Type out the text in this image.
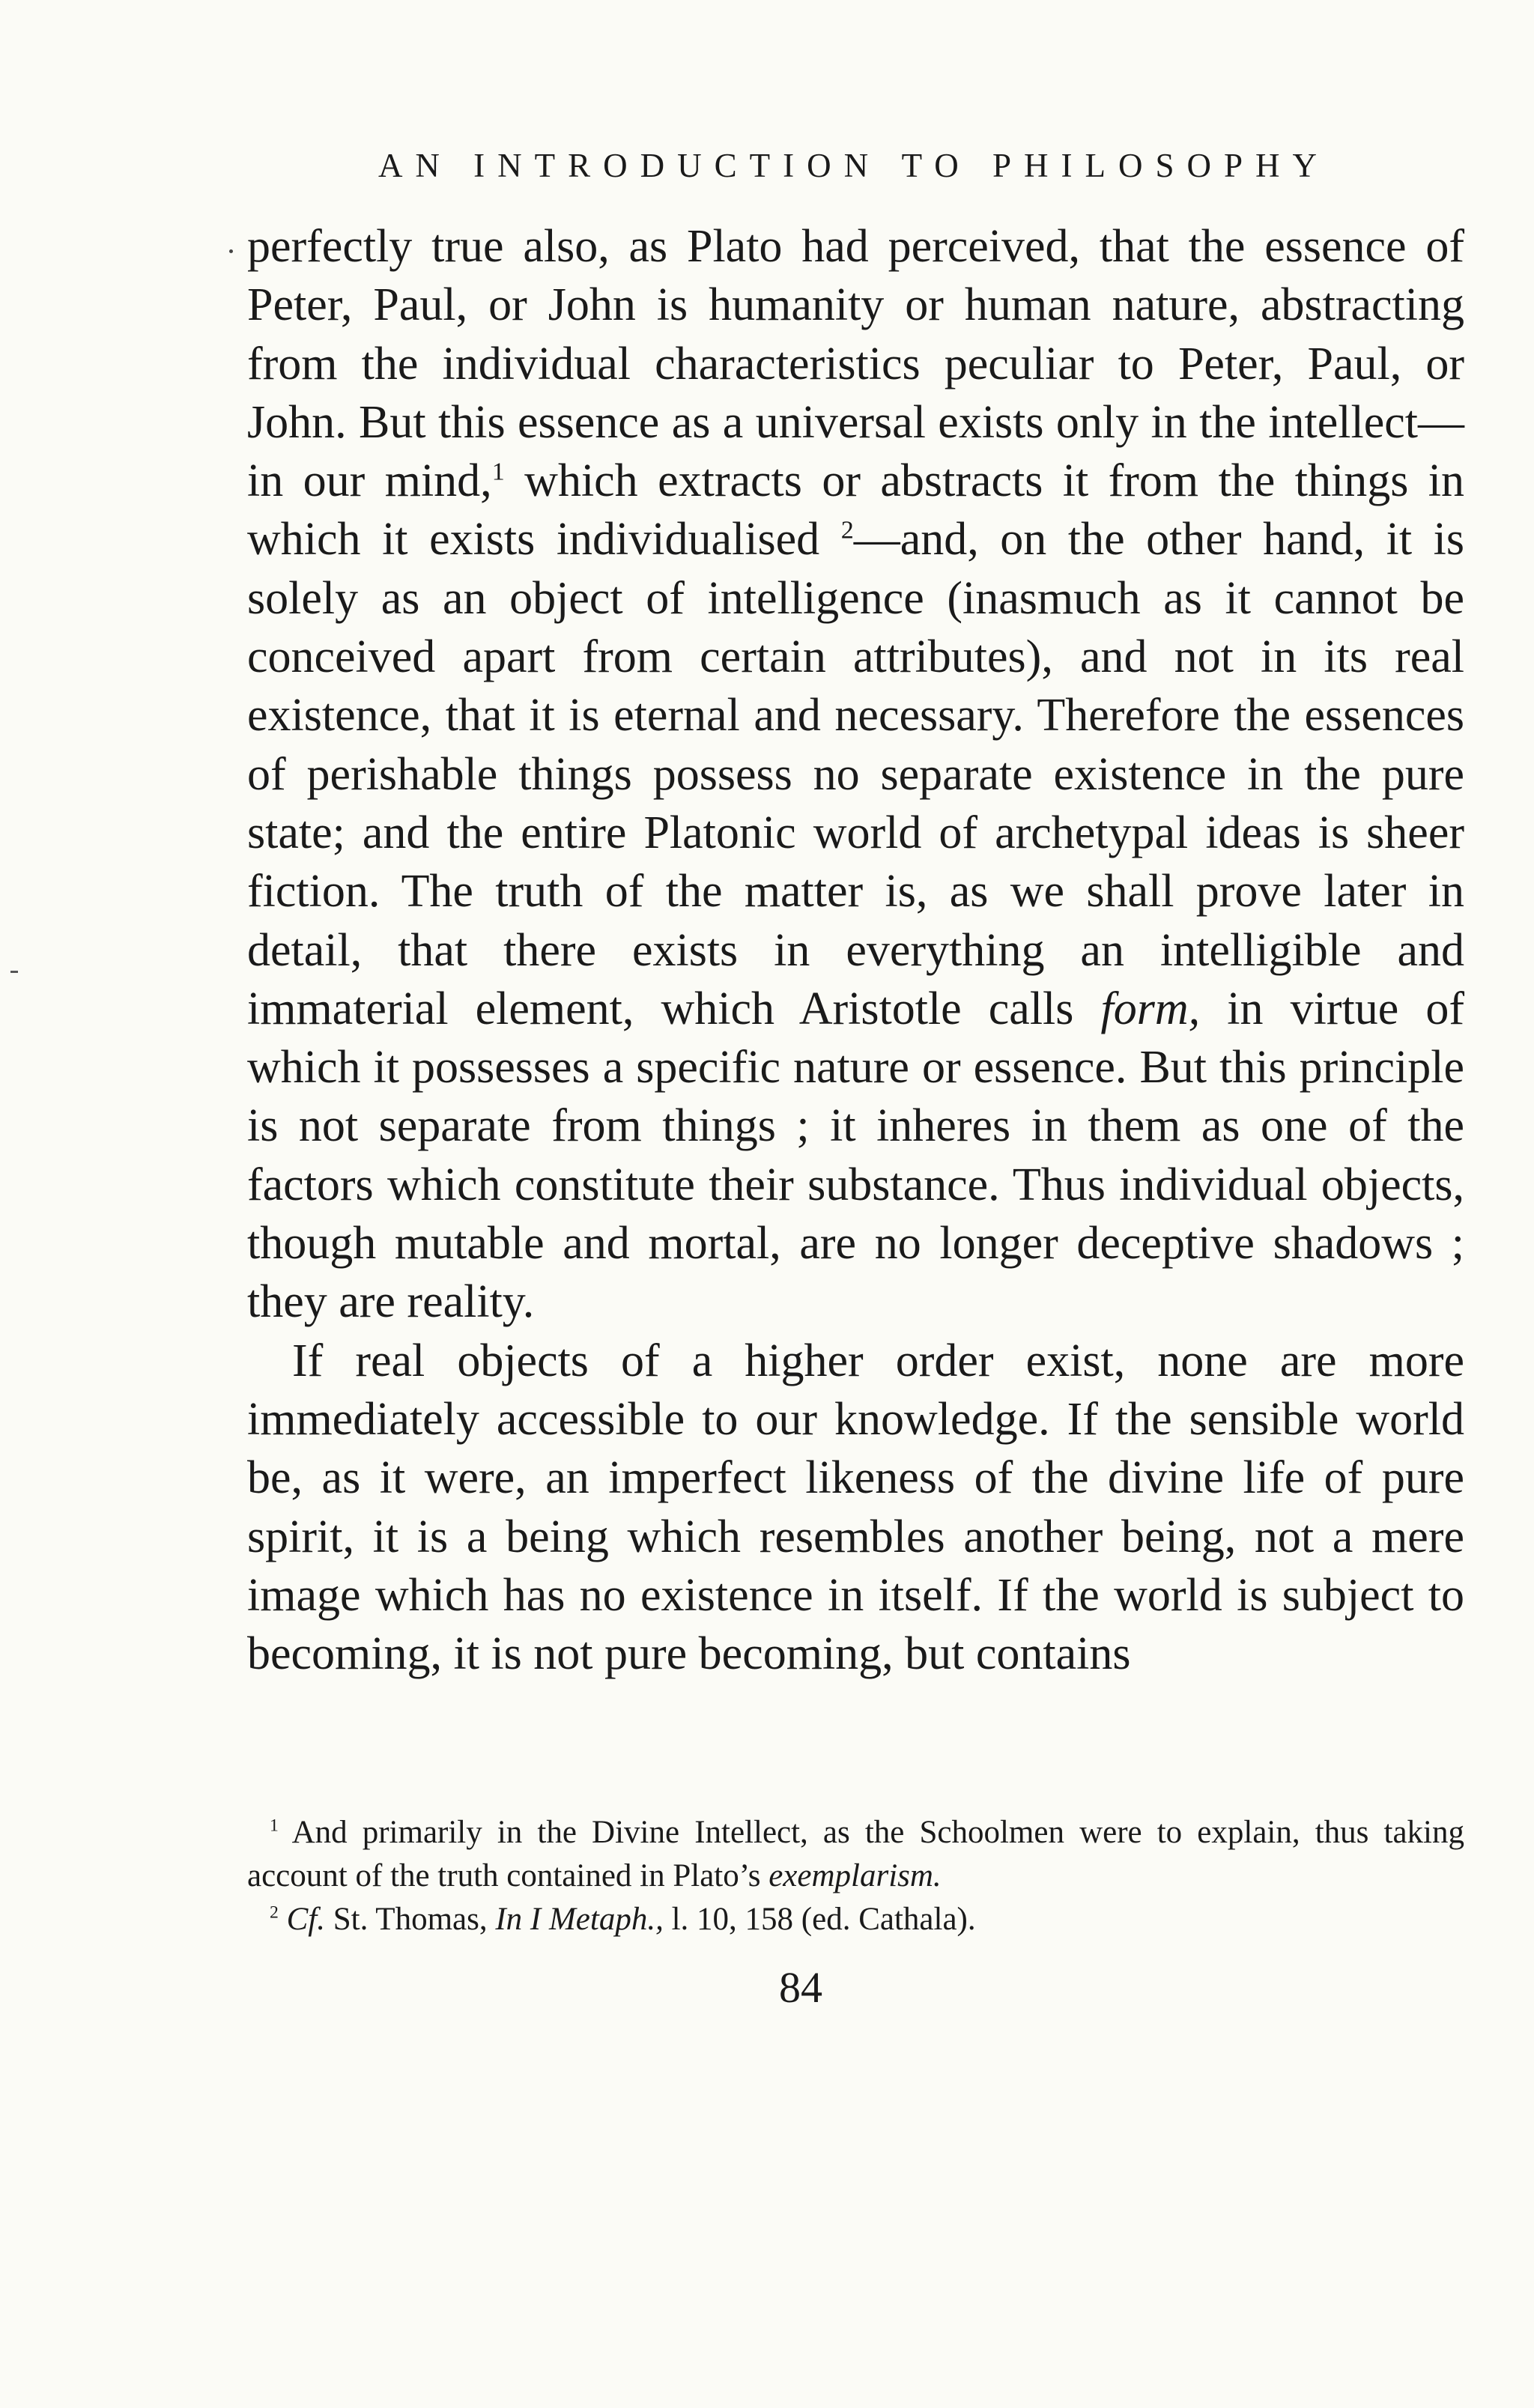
AN INTRODUCTION TO PHILOSOPHY

perfectly true also, as Plato had perceived, that the essence of Peter, Paul, or John is humanity or human nature, abstracting from the individual characteristics peculiar to Peter, Paul, or John. But this essence as a universal exists only in the intellect—in our mind,$^1$ which extracts or abstracts it from the things in which it exists individualised $^2$—and, on the other hand, it is solely as an object of intelligence (inasmuch as it cannot be conceived apart from certain attributes), and not in its real existence, that it is eternal and necessary. Therefore the essences of perishable things possess no separate existence in the pure state; and the entire Platonic world of archetypal ideas is sheer fiction. The truth of the matter is, as we shall prove later in detail, that there exists in everything an intelligible and immaterial element, which Aristotle calls form, in virtue of which it possesses a specific nature or essence. But this principle is not separate from things ; it inheres in them as one of the factors which constitute their substance. Thus individual objects, though mutable and mortal, are no longer deceptive shadows ; they are reality.

If real objects of a higher order exist, none are more immediately accessible to our knowledge. If the sensible world be, as it were, an imperfect likeness of the divine life of pure spirit, it is a being which resembles another being, not a mere image which has no existence in itself. If the world is subject to becoming, it is not pure becoming, but contains

$^1$ And primarily in the Divine Intellect, as the Schoolmen were to explain, thus taking account of the truth contained in Plato’s exemplarism.

$^2$ Cf. St. Thomas, In I Metaph., l. 10, 158 (ed. Cathala).

84
